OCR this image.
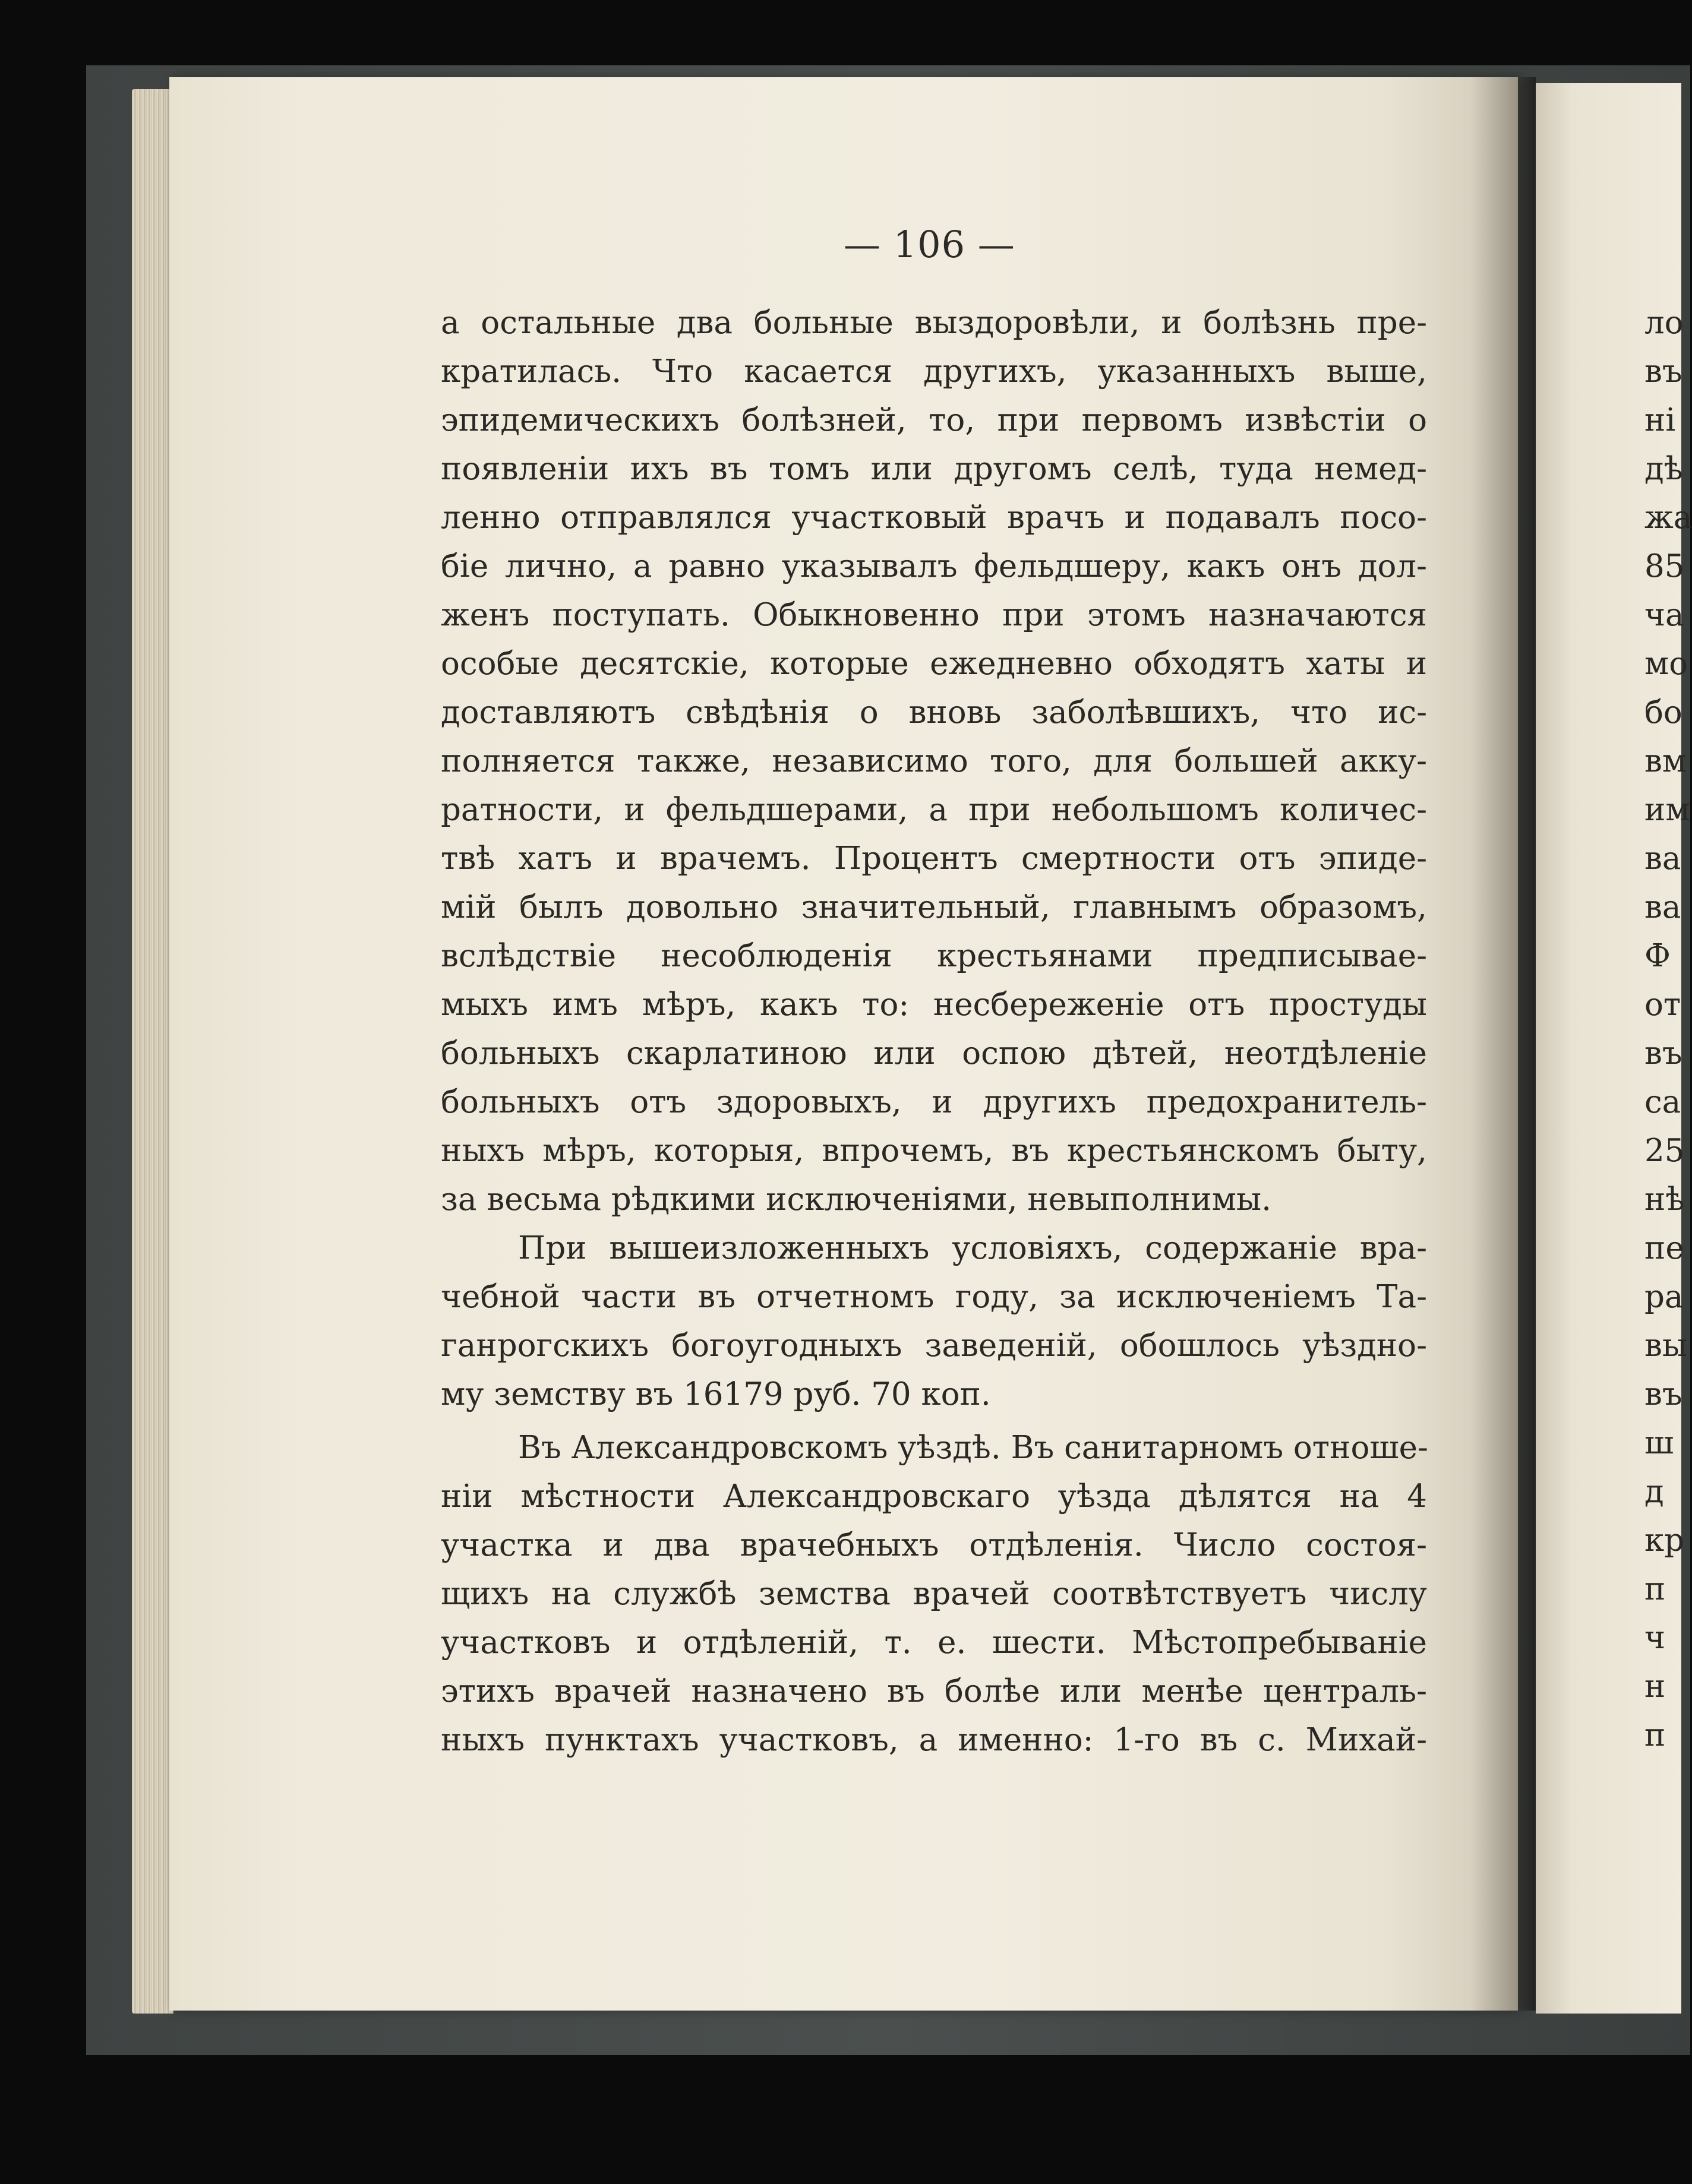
— 106 —
а остальные два больные выздоровѣли, и болѣзнь пре-
кратилась. Что касается другихъ, указанныхъ выше,
эпидемическихъ болѣзней, то, при первомъ извѣстіи о
появленіи ихъ въ томъ или другомъ селѣ, туда немед-
ленно отправлялся участковый врачъ и подавалъ посо-
біе лично, а равно указывалъ фельдшеру, какъ онъ дол-
женъ поступать. Обыкновенно при этомъ назначаются
особые десятскіе, которые ежедневно обходятъ хаты и
доставляютъ свѣдѣнія о вновь заболѣвшихъ, что ис-
полняется также, независимо того, для большей акку-
ратности, и фельдшерами, а при небольшомъ количес-
твѣ хатъ и врачемъ. Процентъ смертности отъ эпиде-
мій былъ довольно значительный, главнымъ образомъ,
вслѣдствіе несоблюденія крестьянами предписывае-
мыхъ имъ мѣръ, какъ то: несбереженіе отъ простуды
больныхъ скарлатиною или оспою дѣтей, неотдѣленіе
больныхъ отъ здоровыхъ, и другихъ предохранитель-
ныхъ мѣръ, которыя, впрочемъ, въ крестьянскомъ быту,
за весьма рѣдкими исключеніями, невыполнимы.
При вышеизложенныхъ условіяхъ, содержаніе вра-
чебной части въ отчетномъ году, за исключеніемъ Та-
ганрогскихъ богоугодныхъ заведеній, обошлось уѣздно-
му земству въ 16179 руб. 70 коп.
Въ Александровскомъ уѣздѣ. Въ санитарномъ отноше-
ніи мѣстности Александровскаго уѣзда дѣлятся на 4
участка и два врачебныхъ отдѣленія. Число состоя-
щихъ на службѣ земства врачей соотвѣтствуетъ числу
участковъ и отдѣленій, т. е. шести. Мѣстопребываніе
этихъ врачей назначено въ болѣе или менѣе централь-
ныхъ пунктахъ участковъ, а именно: 1-го въ с. Михай-
ло
въ
ні
дѣ
жа
85
ча
мо
бо
вм
им
ва
ва
Ф
от
въ
са
25
нѣ
пе
ра
вы
въ
ш
д
кр
п
ч
н
п
